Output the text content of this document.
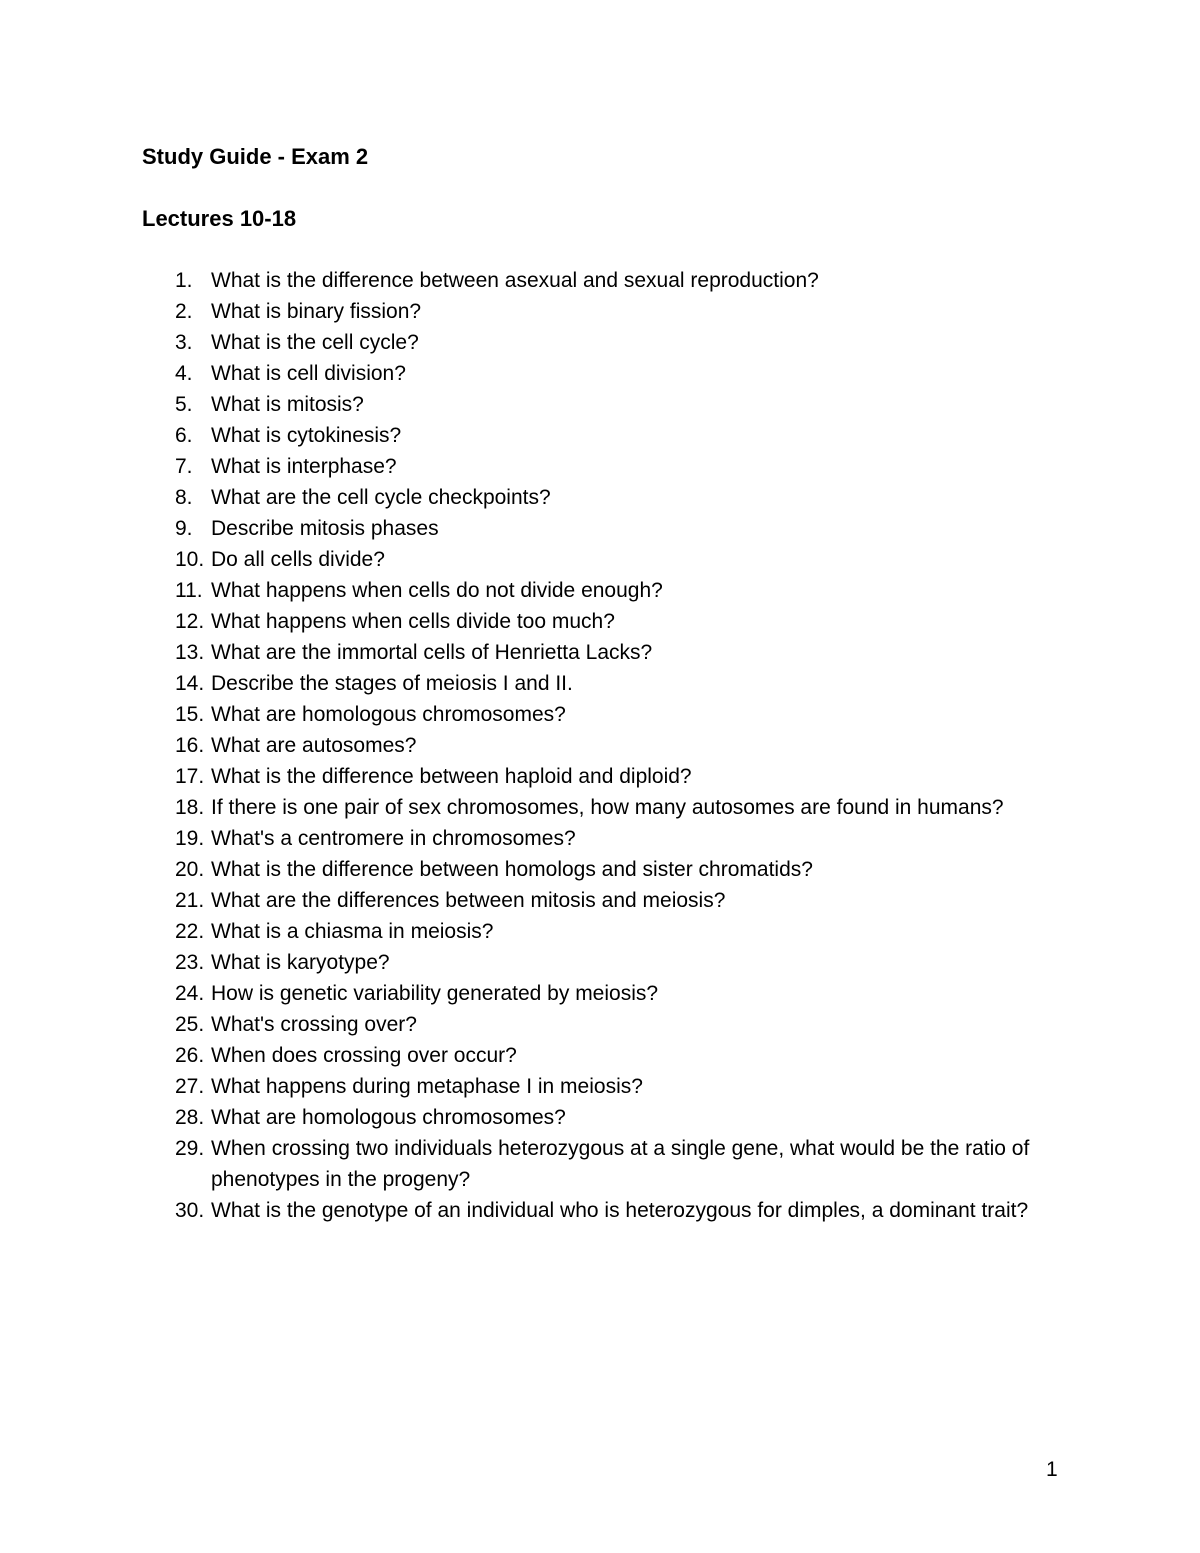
Study Guide - Exam 2
Lectures 10-18
1. What is the difference between asexual and sexual reproduction?
2. What is binary fission?
3. What is the cell cycle?
4. What is cell division?
5. What is mitosis?
6. What is cytokinesis?
7. What is interphase?
8. What are the cell cycle checkpoints?
9. Describe mitosis phases
10. Do all cells divide?
11. What happens when cells do not divide enough?
12. What happens when cells divide too much?
13. What are the immortal cells of Henrietta Lacks?
14. Describe the stages of meiosis I and II.
15. What are homologous chromosomes?
16. What are autosomes?
17. What is the difference between haploid and diploid?
18. If there is one pair of sex chromosomes, how many autosomes are found in humans?
19. What's a centromere in chromosomes?
20. What is the difference between homologs and sister chromatids?
21. What are the differences between mitosis and meiosis?
22. What is a chiasma in meiosis?
23. What is karyotype?
24. How is genetic variability generated by meiosis?
25. What's crossing over?
26. When does crossing over occur?
27. What happens during metaphase I in meiosis?
28. What are homologous chromosomes?
29. When crossing two individuals heterozygous at a single gene, what would be the ratio of phenotypes in the progeny?
30. What is the genotype of an individual who is heterozygous for dimples, a dominant trait?
1
